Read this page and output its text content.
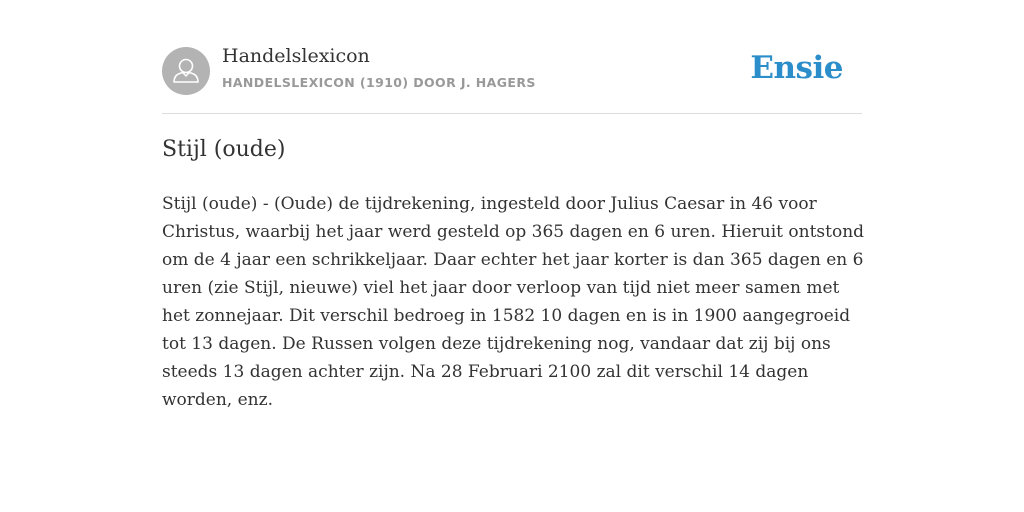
Handelslexicon
HANDELSLEXICON (1910) DOOR J. HAGERS	Ensie
Stijl (oude)

Stijl (oude) - (Oude) de tijdrekening, ingesteld door Julius Caesar in 46 voor Christus, waarbij het jaar werd gesteld op 365 dagen en 6 uren. Hieruit ontstond om de 4 jaar een schrikkeljaar. Daar echter het jaar korter is dan 365 dagen en 6 uren (zie Stijl, nieuwe) viel het jaar door verloop van tijd niet meer samen met het zonnejaar. Dit verschil bedroeg in 1582 10 dagen en is in 1900 aangegroeid tot 13 dagen. De Russen volgen deze tijdrekening nog, vandaar dat zij bij ons steeds 13 dagen achter zijn. Na 28 Februari 2100 zal dit verschil 14 dagen worden, enz.
